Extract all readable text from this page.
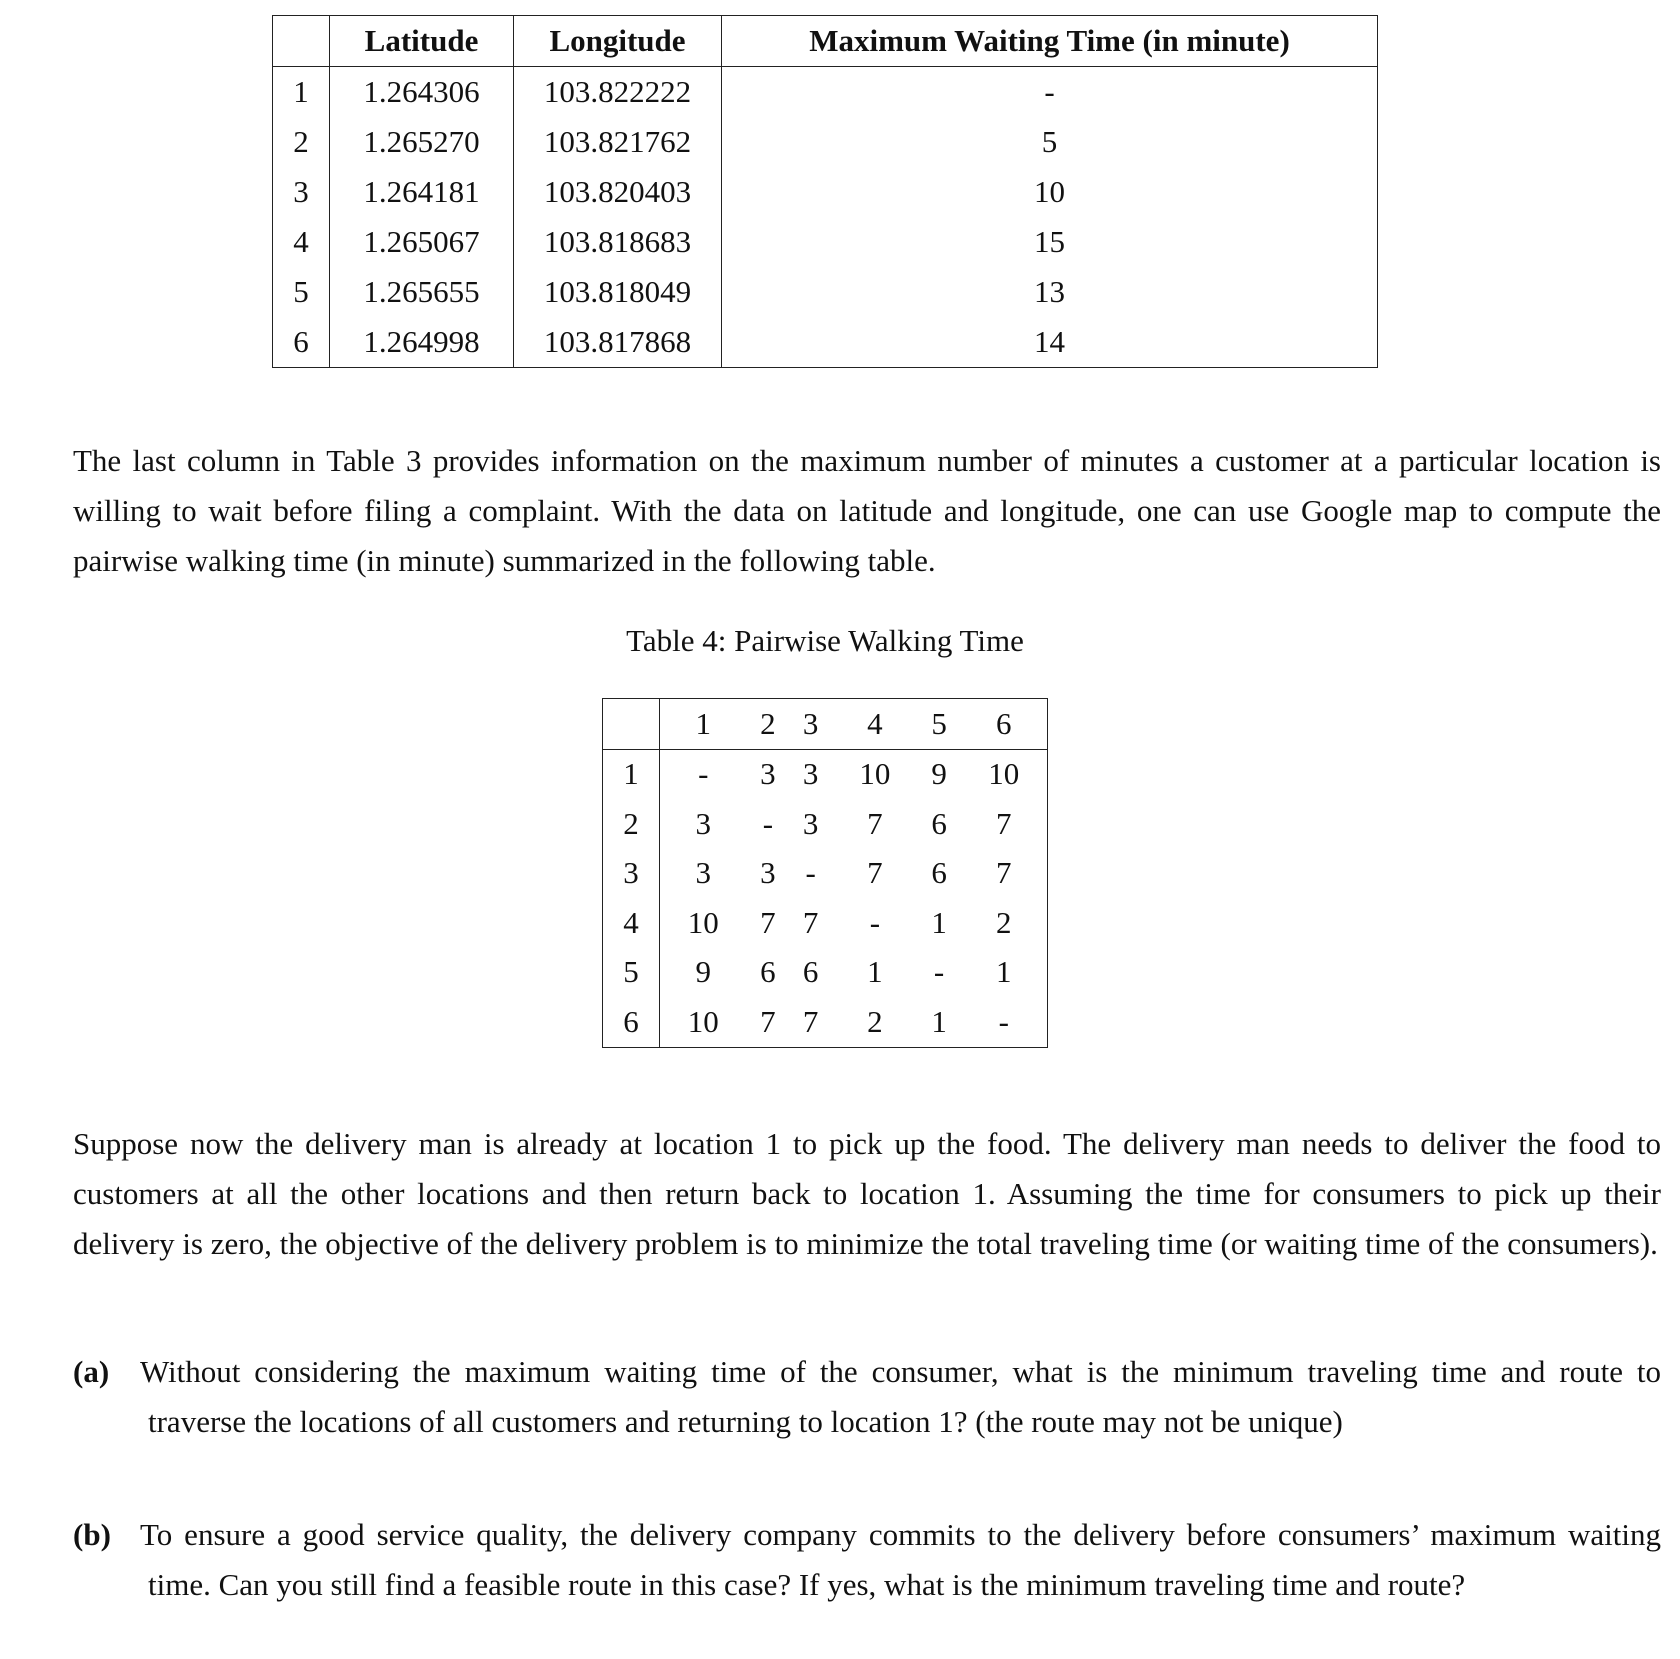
	Latitude	Longitude	Maximum Waiting Time (in minute)
1	1.264306	103.822222	-
2	1.265270	103.821762	5
3	1.264181	103.820403	10
4	1.265067	103.818683	15
5	1.265655	103.818049	13
6	1.264998	103.817868	14

The last column in Table 3 provides information on the maximum number of minutes a customer at a particular location is willing to wait before filing a complaint. With the data on latitude and longitude, one can use Google map to compute the pairwise walking time (in minute) summarized in the following table.

Table 4: Pairwise Walking Time
	1	2	3	4	5	6
1	-	3	3	10	9	10
2	3	-	3	7	6	7
3	3	3	-	7	6	7
4	10	7	7	-	1	2
5	9	6	6	1	-	1
6	10	7	7	2	1	-

Suppose now the delivery man is already at location 1 to pick up the food. The delivery man needs to deliver the food to customers at all the other locations and then return back to location 1. Assuming the time for consumers to pick up their delivery is zero, the objective of the delivery problem is to minimize the total traveling time (or waiting time of the consumers).

(a) Without considering the maximum waiting time of the consumer, what is the minimum traveling time and route to traverse the locations of all customers and returning to location 1? (the route may not be unique)
(b) To ensure a good service quality, the delivery company commits to the delivery before consumers’ maximum waiting time. Can you still find a feasible route in this case? If yes, what is the minimum traveling time and route?
